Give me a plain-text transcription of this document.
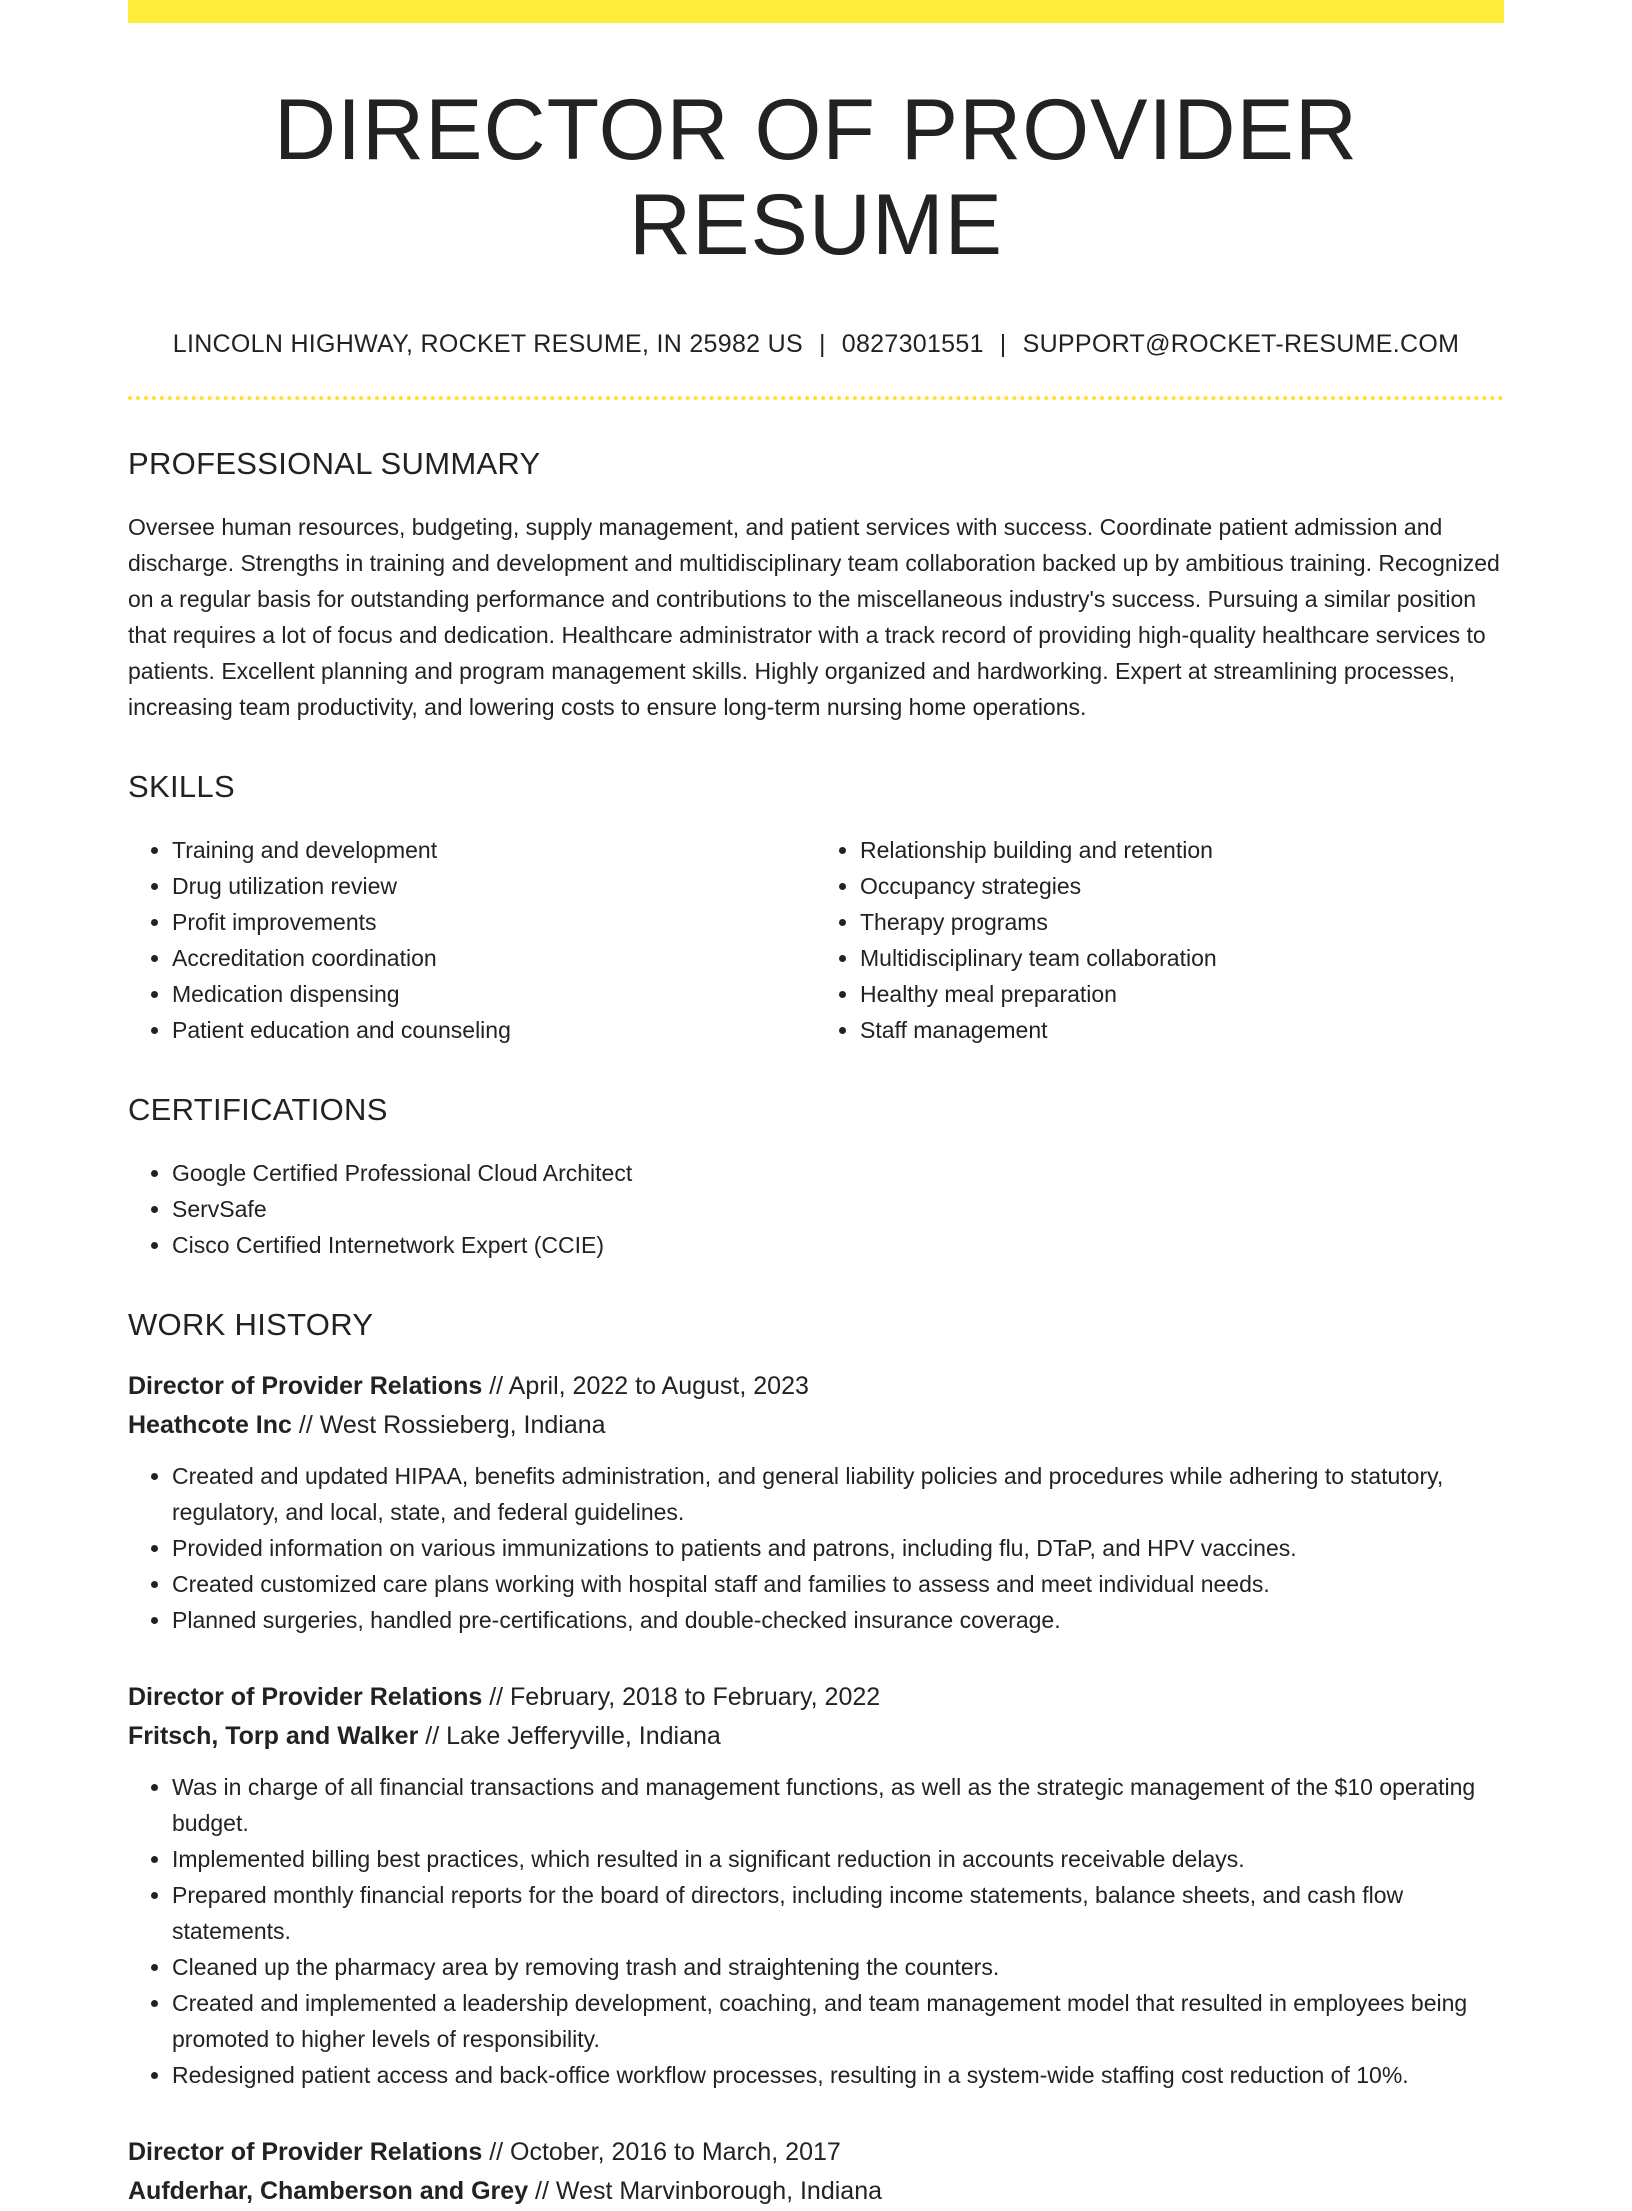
DIRECTOR OF PROVIDER RESUME
LINCOLN HIGHWAY, ROCKET RESUME, IN 25982 US | 0827301551 | SUPPORT@ROCKET-RESUME.COM
PROFESSIONAL SUMMARY
Oversee human resources, budgeting, supply management, and patient services with success. Coordinate patient admission and discharge. Strengths in training and development and multidisciplinary team collaboration backed up by ambitious training. Recognized on a regular basis for outstanding performance and contributions to the miscellaneous industry's success. Pursuing a similar position that requires a lot of focus and dedication. Healthcare administrator with a track record of providing high-quality healthcare services to patients. Excellent planning and program management skills. Highly organized and hardworking. Expert at streamlining processes, increasing team productivity, and lowering costs to ensure long-term nursing home operations.
SKILLS
• Training and development
• Drug utilization review
• Profit improvements
• Accreditation coordination
• Medication dispensing
• Patient education and counseling
• Relationship building and retention
• Occupancy strategies
• Therapy programs
• Multidisciplinary team collaboration
• Healthy meal preparation
• Staff management
CERTIFICATIONS
• Google Certified Professional Cloud Architect
• ServSafe
• Cisco Certified Internetwork Expert (CCIE)
WORK HISTORY
Director of Provider Relations // April, 2022 to August, 2023
Heathcote Inc // West Rossieberg, Indiana
• Created and updated HIPAA, benefits administration, and general liability policies and procedures while adhering to statutory, regulatory, and local, state, and federal guidelines.
• Provided information on various immunizations to patients and patrons, including flu, DTaP, and HPV vaccines.
• Created customized care plans working with hospital staff and families to assess and meet individual needs.
• Planned surgeries, handled pre-certifications, and double-checked insurance coverage.
Director of Provider Relations // February, 2018 to February, 2022
Fritsch, Torp and Walker // Lake Jefferyville, Indiana
• Was in charge of all financial transactions and management functions, as well as the strategic management of the $10 operating budget.
• Implemented billing best practices, which resulted in a significant reduction in accounts receivable delays.
• Prepared monthly financial reports for the board of directors, including income statements, balance sheets, and cash flow statements.
• Cleaned up the pharmacy area by removing trash and straightening the counters.
• Created and implemented a leadership development, coaching, and team management model that resulted in employees being promoted to higher levels of responsibility.
• Redesigned patient access and back-office workflow processes, resulting in a system-wide staffing cost reduction of 10%.
Director of Provider Relations // October, 2016 to March, 2017
Aufderhar, Chamberson and Grey // West Marvinborough, Indiana
